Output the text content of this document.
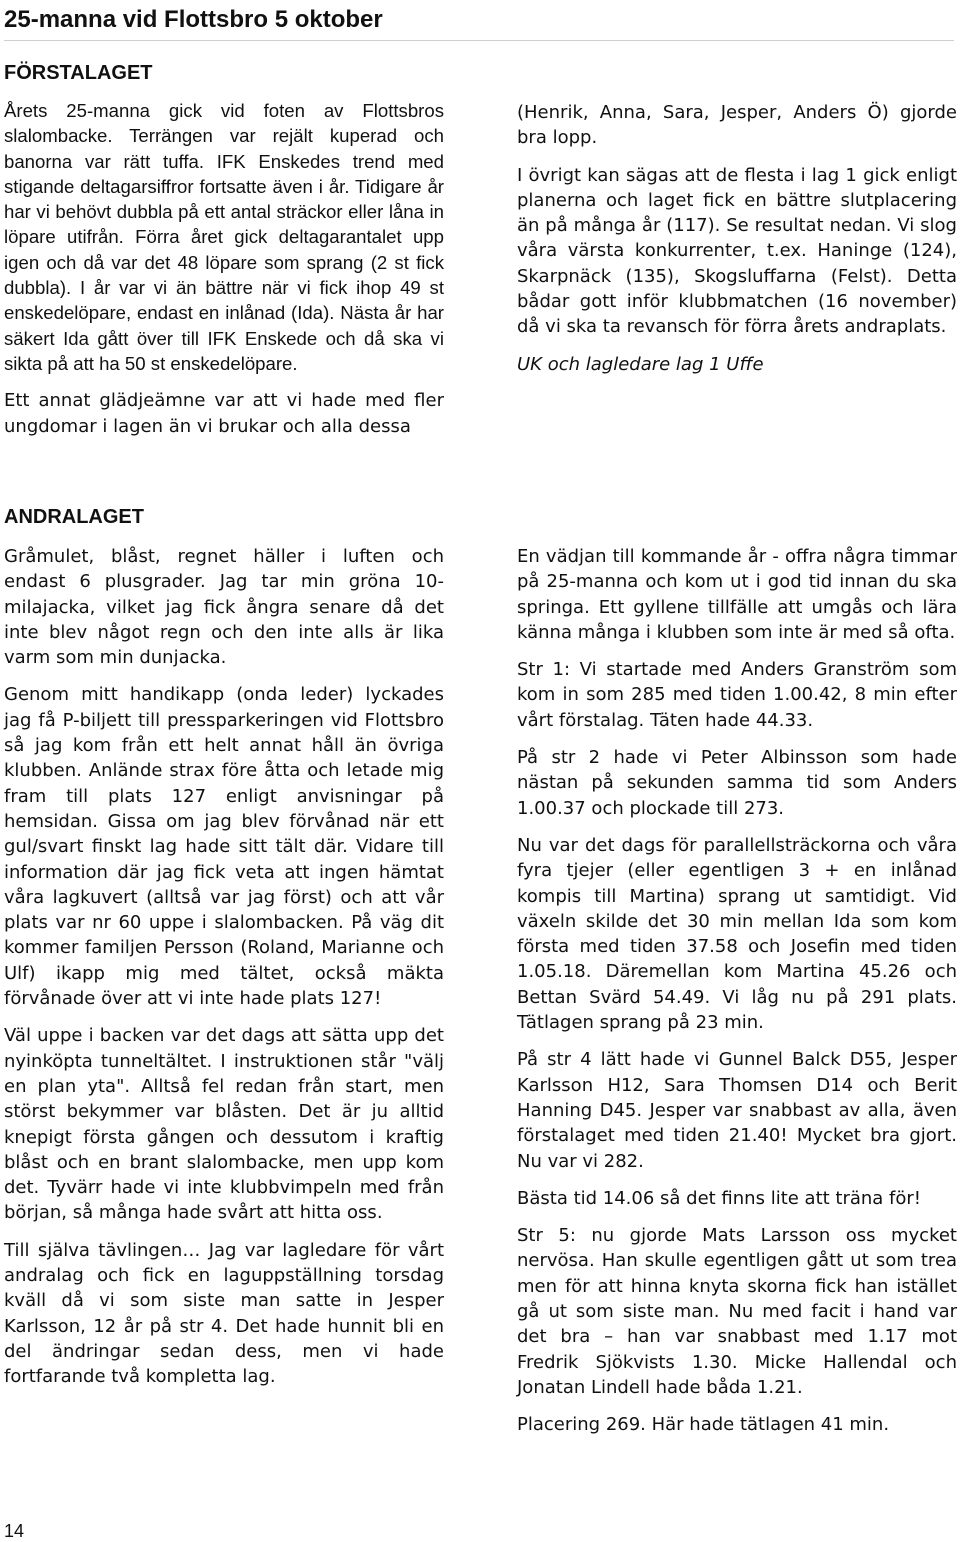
25-manna vid Flottsbro 5 oktober
FÖRSTALAGET

Årets 25-manna gick vid foten av Flottsbros slalombacke. Terrängen var rejält kuperad och banorna var rätt tuffa. IFK Enskedes trend med stigande deltagarsiffror fortsatte även i år. Tidigare år har vi behövt dubbla på ett antal sträckor eller låna in löpare utifrån. Förra året gick deltagarantalet upp igen och då var det 48 löpare som sprang (2 st fick dubbla). I år var vi än bättre när vi fick ihop 49 st enskedelöpare, endast en inlånad (Ida). Nästa år har säkert Ida gått över till IFK Enskede och då ska vi sikta på att ha 50 st enskedelöpare.

Ett annat glädjeämne var att vi hade med fler ungdomar i lagen än vi brukar och alla dessa

(Henrik, Anna, Sara, Jesper, Anders Ö) gjorde bra lopp.

I övrigt kan sägas att de flesta i lag 1 gick enligt planerna och laget fick en bättre slutplacering än på många år (117). Se resultat nedan. Vi slog våra värsta konkurrenter, t.ex. Haninge (124), Skarpnäck (135), Skogsluffarna (Felst). Detta bådar gott inför klubbmatchen (16 november) då vi ska ta revansch för förra årets andraplats.

UK och lagledare lag 1 Uffe

ANDRALAGET

Gråmulet, blåst, regnet häller i luften och endast 6 plusgrader. Jag tar min gröna 10-milajacka, vilket jag fick ångra senare då det inte blev något regn och den inte alls är lika varm som min dunjacka.

Genom mitt handikapp (onda leder) lyckades jag få P-biljett till pressparkeringen vid Flottsbro så jag kom från ett helt annat håll än övriga klubben. Anlände strax före åtta och letade mig fram till plats 127 enligt anvisningar på hemsidan. Gissa om jag blev förvånad när ett gul/svart finskt lag hade sitt tält där. Vidare till information där jag fick veta att ingen hämtat våra lagkuvert (alltså var jag först) och att vår plats var nr 60 uppe i slalombacken. På väg dit kommer familjen Persson (Roland, Marianne och Ulf) ikapp mig med tältet, också mäktа förvånade över att vi inte hade plats 127!

Väl uppe i backen var det dags att sätta upp det nyinköpta tunneltältet. I instruktionen står "välj en plan yta". Alltså fel redan från start, men störst bekymmer var blåsten. Det är ju alltid knepigt första gången och dessutom i kraftig blåst och en brant slalombacke, men upp kom det. Tyvärr hade vi inte klubbvimpeln med från början, så många hade svårt att hitta oss.

Till själva tävlingen… Jag var lagledare för vårt andralag och fick en laguppställning torsdag kväll då vi som siste man satte in Jesper Karlsson, 12 år på str 4. Det hade hunnit bli en del ändringar sedan dess, men vi hade fortfarande två kompletta lag.

En vädjan till kommande år - offra några timmar på 25-manna och kom ut i god tid innan du ska springa. Ett gyllene tillfälle att umgås och lära känna många i klubben som inte är med så ofta.

Str 1: Vi startade med Anders Granström som kom in som 285 med tiden 1.00.42, 8 min efter vårt förstalag. Täten hade 44.33.

På str 2 hade vi Peter Albinsson som hade nästan på sekunden samma tid som Anders 1.00.37 och plockade till 273.

Nu var det dags för parallellsträckorna och våra fyra tjejer (eller egentligen 3 + en inlånad kompis till Martina) sprang ut samtidigt. Vid växeln skilde det 30 min mellan Ida som kom första med tiden 37.58 och Josefin med tiden 1.05.18. Däremellan kom Martina 45.26 och Bettan Svärd 54.49. Vi låg nu på 291 plats. Tätlagen sprang på 23 min.

På str 4 lätt hade vi Gunnel Balck D55, Jesper Karlsson H12, Sara Thomsen D14 och Berit Hanning D45. Jesper var snabbast av alla, även förstalaget med tiden 21.40! Mycket bra gjort. Nu var vi 282.

Bästa tid 14.06 så det finns lite att träna för!

Str 5: nu gjorde Mats Larsson oss mycket nervösa. Han skulle egentligen gått ut som trea men för att hinna knyta skorna fick han istället gå ut som siste man. Nu med facit i hand var det bra – han var snabbast med 1.17 mot Fredrik Sjökvists 1.30. Micke Hallendal och Jonatan Lindell hade båda 1.21.

Placering 269. Här hade tätlagen 41 min.

14
